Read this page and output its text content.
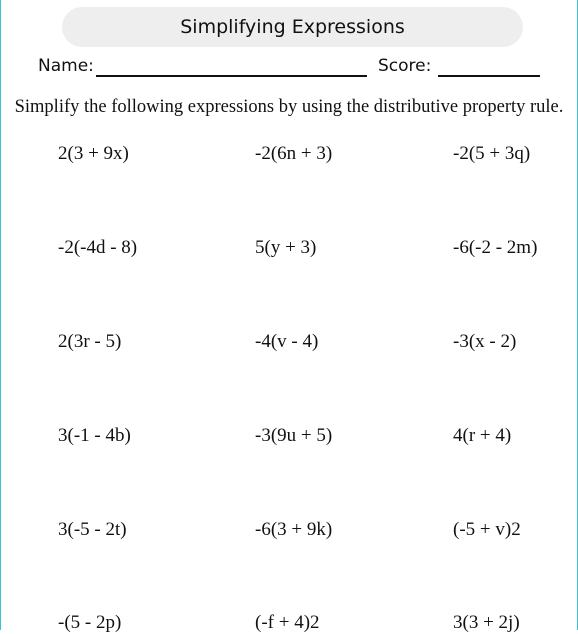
Simplifying Expressions
Name:	Score:
Simplify the following expressions by using the distributive property rule.
2(3 + 9x)	-2(6n + 3)	-2(5 + 3q)
-2(-4d - 8)	5(y + 3)	-6(-2 - 2m)
2(3r - 5)	-4(v - 4)	-3(x - 2)
3(-1 - 4b)	-3(9u + 5)	4(r + 4)
3(-5 - 2t)	-6(3 + 9k)	(-5 + v)2
-(5 - 2p)	(-f + 4)2	3(3 + 2j)
